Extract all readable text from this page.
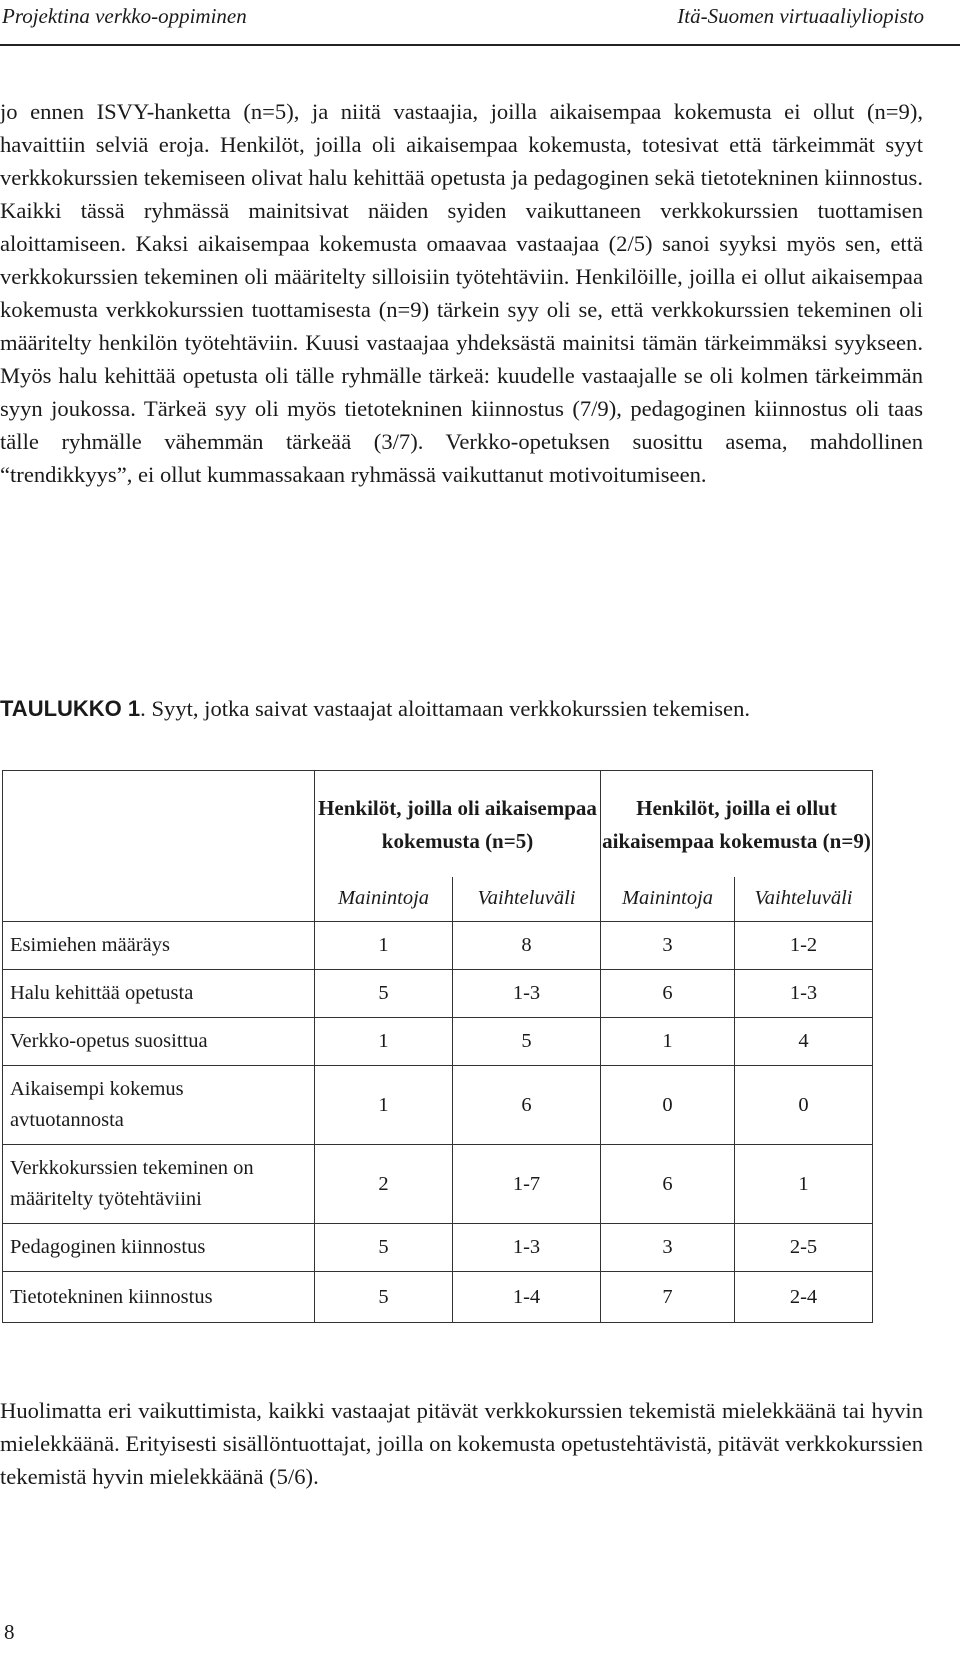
Projektina verkko-oppiminen	Itä-Suomen virtuaaliyliopisto

jo ennen ISVY-hanketta (n=5), ja niitä vastaajia, joilla aikaisempaa kokemusta ei ollut (n=9), havaittiin selviä eroja. Henkilöt, joilla oli aikaisempaa kokemusta, totesivat että tärkeimmät syyt verkkokurssien tekemiseen olivat halu kehittää opetusta ja pedagoginen sekä tietotekninen kiinnostus. Kaikki tässä ryhmässä mainitsivat näiden syiden vaikuttaneen verkkokurssien tuottamisen aloittamiseen. Kaksi aikaisempaa kokemusta omaavaa vastaajaa (2/5) sanoi syyksi myös sen, että verkkokurssien tekeminen oli määritelty silloisiin työtehtäviin. Henkilöille, joilla ei ollut aikaisempaa kokemusta verkkokurssien tuottamisesta (n=9) tärkein syy oli se, että verkkokurssien tekeminen oli määritelty henkilön työtehtäviin. Kuusi vastaajaa yhdeksästä mainitsi tämän tärkeimmäksi syykseen. Myös halu kehittää opetusta oli tälle ryhmälle tärkeä: kuudelle vastaajalle se oli kolmen tärkeimmän syyn joukossa. Tärkeä syy oli myös tietotekninen kiinnostus (7/9), pedagoginen kiinnostus oli taas tälle ryhmälle vähemmän tärkeää (3/7). Verkko-opetuksen suosittu asema, mahdollinen “trendikkyys”, ei ollut kummassakaan ryhmässä vaikuttanut motivoitumiseen.

TAULUKKO 1. Syyt, jotka saivat vastaajat aloittamaan verkkokurssien tekemisen.

	Henkilöt, joilla oli aikaisempaa kokemusta (n=5)		Henkilöt, joilla ei ollut aikaisempaa kokemusta (n=9)	
	Mainintoja	Vaihteluväli	Mainintoja	Vaihteluväli
Esimiehen määräys	1	8	3	1-2
Halu kehittää opetusta	5	1-3	6	1-3
Verkko-opetus suosittua	1	5	1	4
Aikaisempi kokemus avtuotannosta	1	6	0	0
Verkkokurssien tekeminen on määritelty työtehtäviini	2	1-7	6	1
Pedagoginen kiinnostus	5	1-3	3	2-5
Tietotekninen kiinnostus	5	1-4	7	2-4

Huolimatta eri vaikuttimista, kaikki vastaajat pitävät verkkokurssien tekemistä mielekkäänä tai hyvin mielekkäänä. Erityisesti sisällöntuottajat, joilla on kokemusta opetustehtävistä, pitävät verkkokurssien tekemistä hyvin mielekkäänä (5/6).

8
